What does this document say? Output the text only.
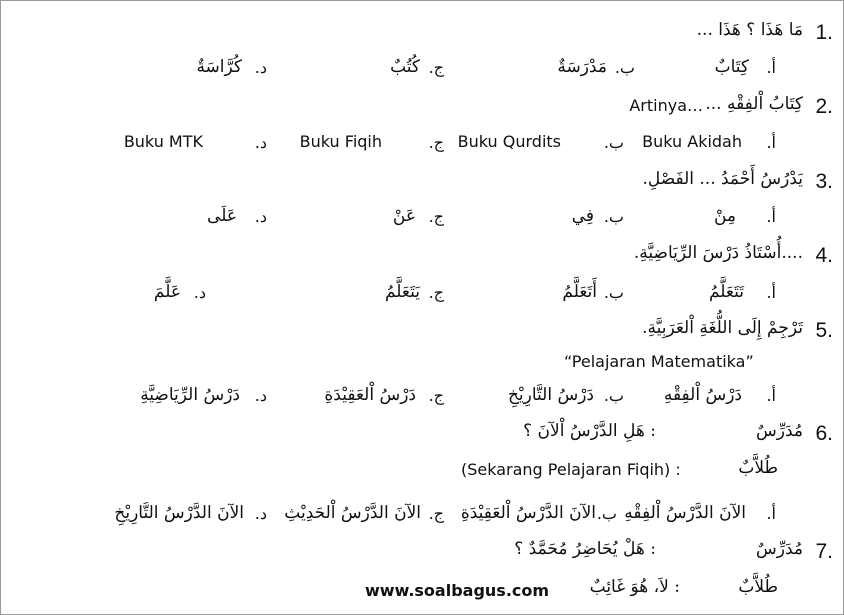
1.
مَا هَذَا ؟ هَذَا ...
أ.
كِتَابٌ
ب.
مَدْرَسَةٌ
ج.
كُتُبٌ
د.
كُرَّاسَةٌ
2.
كِتَابُ اْلفِقْهِ ...
Artinya…
أ.
Buku Akidah
ب.
Buku Qurdits
ج.
Buku Fiqih
د.
Buku MTK
3.
يَدْرُسُ أَحْمَدُ ... الفَصْلِ.
أ.
مِنْ
ب.
فِي
ج.
عَنْ
د.
عَلَى
4.
....أُسْتَاذُ دَرْسَ الرِّيَاضِيَّةِ.
أ.
تَتَعَلَّمُ
ب.
أَتَعَلَّمُ
ج.
يَتَعَلَّمُ
د.
عَلَّمَ
5.
تَرْجِمْ إِلَى اللُّغَةِ اْلعَرَبِيَّةِ.
“Pelajaran Matematika”
أ.
دَرْسُ اْلفِقْهِ
ب.
دَرْسُ التَّارِيْخِ
ج.
دَرْسُ اْلعَقِيْدَةِ
د.
دَرْسُ الرِّيَاضِيَّةِ
6.
مُدَرِّسٌ
: هَلِ الدَّرْسُ اْلآنَ ؟
طُلاَّبٌ
(Sekarang Pelajaran Fiqih) :
أ.
الآنَ الدَّرْسُ اْلفِقْهِ
ب.
الآنَ الدَّرْسُ اْلعَقِيْدَةِ
ج.
الآنَ الدَّرْسُ اْلحَدِيْثِ
د.
الآنَ الدَّرْسُ التَّارِيْخِ
7.
مُدَرِّسٌ
: هَلْ يُحَاضِرُ مُحَمَّدٌ ؟
طُلاَّبٌ
: لاَ، هُوَ غَائِبٌ
www.soalbagus.com
